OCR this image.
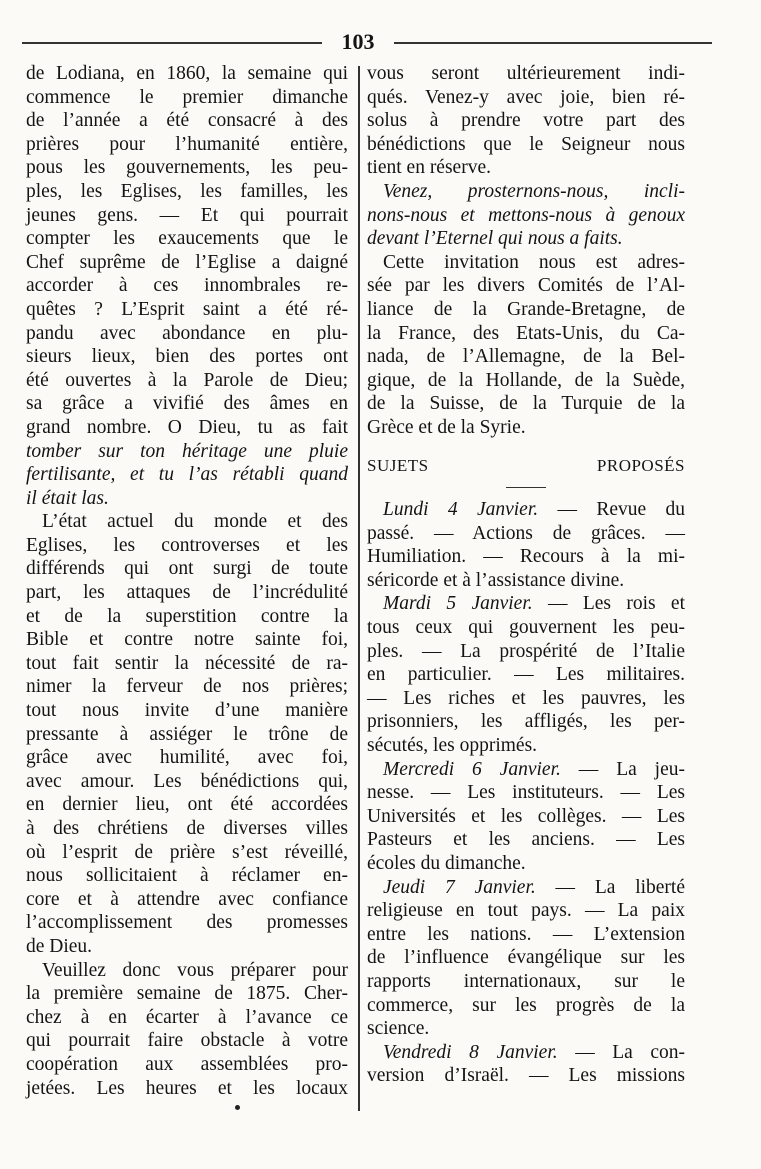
103

de Lodiana, en 1860, la semaine qui
commence le premier dimanche
de l’année a été consacré à des
prières pour l’humanité entière,
pous les gouvernements, les peu-
ples, les Eglises, les familles, les
jeunes gens. — Et qui pourrait
compter les exaucements que le
Chef suprême de l’Eglise a daigné
accorder à ces innombrales re-
quêtes ? L’Esprit saint a été ré-
pandu avec abondance en plu-
sieurs lieux, bien des portes ont
été ouvertes à la Parole de Dieu;
sa grâce a vivifié des âmes en
grand nombre. O Dieu, tu as fait
tomber sur ton héritage une pluie
fertilisante, et tu l’as rétabli quand
il était las.

L’état actuel du monde et des
Eglises, les controverses et les
différends qui ont surgi de toute
part, les attaques de l’incrédulité
et de la superstition contre la
Bible et contre notre sainte foi,
tout fait sentir la nécessité de ra-
nimer la ferveur de nos prières;
tout nous invite d’une manière
pressante à assiéger le trône de
grâce avec humilité, avec foi,
avec amour. Les bénédictions qui,
en dernier lieu, ont été accordées
à des chrétiens de diverses villes
où l’esprit de prière s’est réveillé,
nous sollicitaient à réclamer en-
core et à attendre avec confiance
l’accomplissement des promesses
de Dieu.

Veuillez donc vous préparer pour
la première semaine de 1875. Cher-
chez à en écarter à l’avance ce
qui pourrait faire obstacle à votre
coopération aux assemblées pro-
jetées. Les heures et les locaux

vous seront ultérieurement indi-
qués. Venez-y avec joie, bien ré-
solus à prendre votre part des
bénédictions que le Seigneur nous
tient en réserve.

Venez, prosternons-nous, incli-
nons-nous et mettons-nous à genoux
devant l’Eternel qui nous a faits.

Cette invitation nous est adres-
sée par les divers Comités de l’Al-
liance de la Grande-Bretagne, de
la France, des Etats-Unis, du Ca-
nada, de l’Allemagne, de la Bel-
gique, de la Hollande, de la Suède,
de la Suisse, de la Turquie de la
Grèce et de la Syrie.

SUJETS PROPOSÉS

Lundi 4 Janvier. — Revue du
passé. — Actions de grâces. —
Humiliation. — Recours à la mi-
séricorde et à l’assistance divine.

Mardi 5 Janvier. — Les rois et
tous ceux qui gouvernent les peu-
ples. — La prospérité de l’Italie
en particulier. — Les militaires.
— Les riches et les pauvres, les
prisonniers, les affligés, les per-
sécutés, les opprimés.

Mercredi 6 Janvier. — La jeu-
nesse. — Les instituteurs. — Les
Universités et les collèges. — Les
Pasteurs et les anciens. — Les
écoles du dimanche.

Jeudi 7 Janvier. — La liberté
religieuse en tout pays. — La paix
entre les nations. — L’extension
de l’influence évangélique sur les
rapports internationaux, sur le
commerce, sur les progrès de la
science.

Vendredi 8 Janvier. — La con-
version d’Israël. — Les missions
